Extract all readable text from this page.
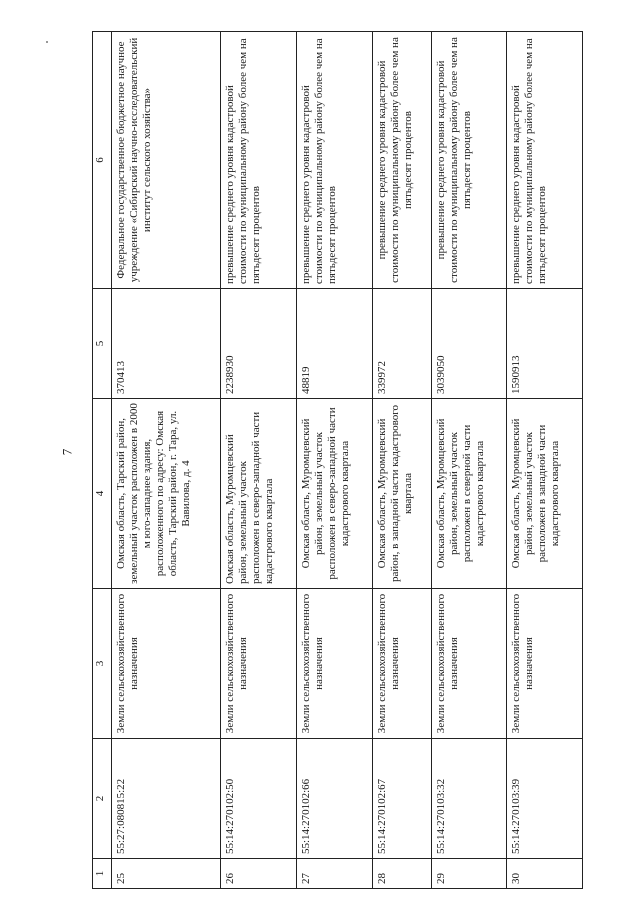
7
1	2	3	4	5	6
25	55:27:080815:22	Земли сельскохозяйственного назначения	Омская область, Тарский район, земельный участок расположен в 2000 м юго-западнее здания, расположенного по адресу: Омская область, Тарский район, г. Тара, ул. Вавилова, д. 4	370413	Федеральное государственное бюджетное научное учреждение «Сибирский научно-исследовательский институт сельского хозяйства»
26	55:14:270102:50	Земли сельскохозяйственного назначения	Омская область, Муромцевский район, земельный участок расположен в северо-западной части кадастрового квартала	2238930	превышение среднего уровня кадастровой стоимости по муниципальному району более чем на пятьдесят процентов
27	55:14:270102:66	Земли сельскохозяйственного назначения	Омская область, Муромцевский район, земельный участок расположен в северо-западной части кадастрового квартала	48819	превышение среднего уровня кадастровой стоимости по муниципальному району более чем на пятьдесят процентов
28	55:14:270102:67	Земли сельскохозяйственного назначения	Омская область, Муромцевский район, в западной части кадастрового квартала	339972	превышение среднего уровня кадастровой стоимости по муниципальному району более чем на пятьдесят процентов
29	55:14:270103:32	Земли сельскохозяйственного назначения	Омская область, Муромцевский район, земельный участок расположен в северной части кадастрового квартала	3039050	превышение среднего уровня кадастровой стоимости по муниципальному району более чем на пятьдесят процентов
30	55:14:270103:39	Земли сельскохозяйственного назначения	Омская область, Муромцевский район, земельный участок расположен в западной части кадастрового квартала	1590913	превышение среднего уровня кадастровой стоимости по муниципальному району более чем на пятьдесят процентов
